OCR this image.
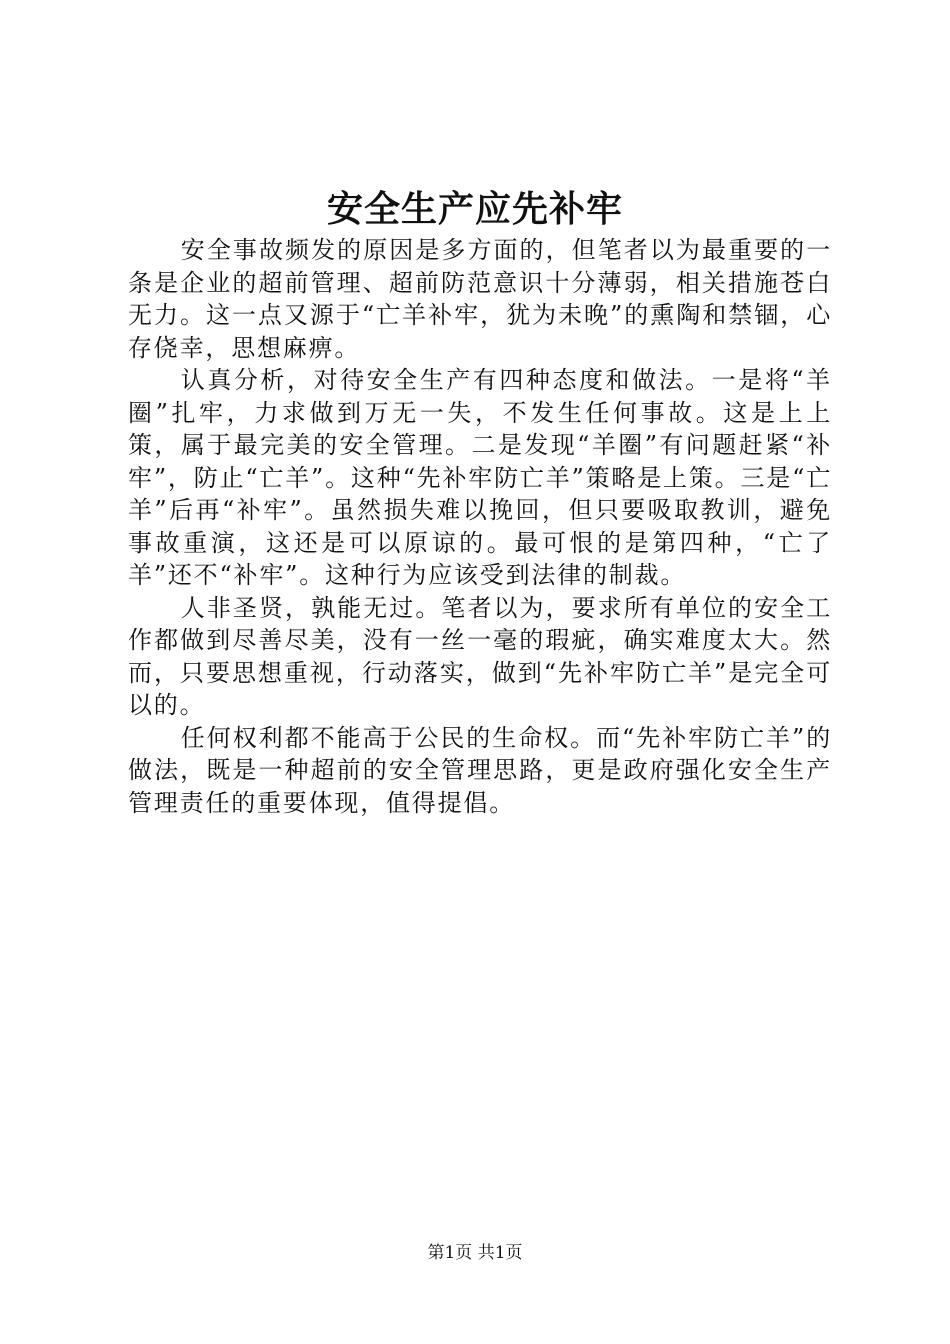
安全生产应先补牢

安全事故频发的原因是多方面的，但笔者以为最重要的一条是企业的超前管理、超前防范意识十分薄弱，相关措施苍白无力。这一点又源于“亡羊补牢，犹为未晚”的熏陶和禁锢，心存侥幸，思想麻痹。

认真分析，对待安全生产有四种态度和做法。一是将“羊圈”扎牢，力求做到万无一失，不发生任何事故。这是上上策，属于最完美的安全管理。二是发现“羊圈”有问题赶紧“补牢”，防止“亡羊”。这种“先补牢防亡羊”策略是上策。三是“亡羊”后再“补牢”。虽然损失难以挽回，但只要吸取教训，避免事故重演，这还是可以原谅的。最可恨的是第四种，“亡了羊”还不“补牢”。这种行为应该受到法律的制裁。

人非圣贤，孰能无过。笔者以为，要求所有单位的安全工作都做到尽善尽美，没有一丝一毫的瑕疵，确实难度太大。然而，只要思想重视，行动落实，做到“先补牢防亡羊”是完全可以的。

任何权利都不能高于公民的生命权。而“先补牢防亡羊”的做法，既是一种超前的安全管理思路，更是政府强化安全生产管理责任的重要体现，值得提倡。

第1页 共1页
